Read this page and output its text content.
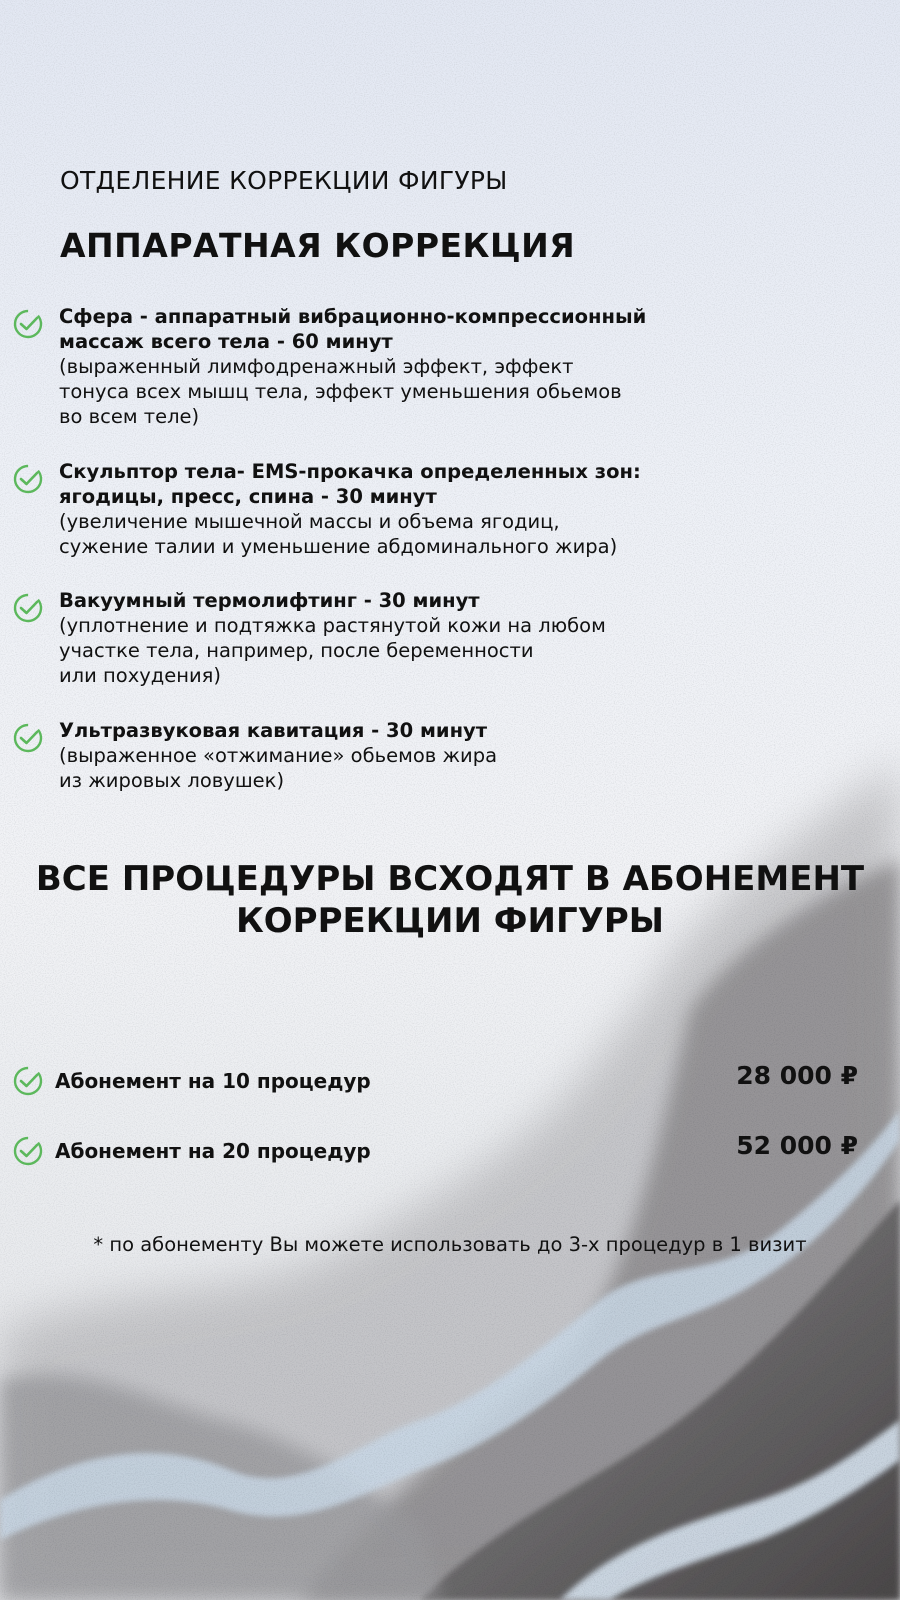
ОТДЕЛЕНИЕ КОРРЕКЦИИ ФИГУРЫ
АППАРАТНАЯ КОРРЕКЦИЯ
Сфера - аппаратный вибрационно-компрессионный
массаж всего тела - 60 минут
(выраженный лимфодренажный эффект, эффект
тонуса всех мышц тела, эффект уменьшения обьемов
во всем теле)
Скульптор тела- EMS-прокачка определенных зон:
ягодицы, пресс, спина - 30 минут
(увеличение мышечной массы и объема ягодиц,
сужение талии и уменьшение абдоминального жира)
Вакуумный термолифтинг - 30 минут
(уплотнение и подтяжка растянутой кожи на любом
участке тела, например, после беременности
или похудения)
Ультразвуковая кавитация - 30 минут
(выраженное «отжимание» обьемов жира
из жировых ловушек)
ВСЕ ПРОЦЕДУРЫ ВСХОДЯТ В АБОНЕМЕНТ
КОРРЕКЦИИ ФИГУРЫ
Абонемент на 10 процедур	28 000 ₽
Абонемент на 20 процедур	52 000 ₽
* по абонементу Вы можете использовать до 3-х процедур в 1 визит
